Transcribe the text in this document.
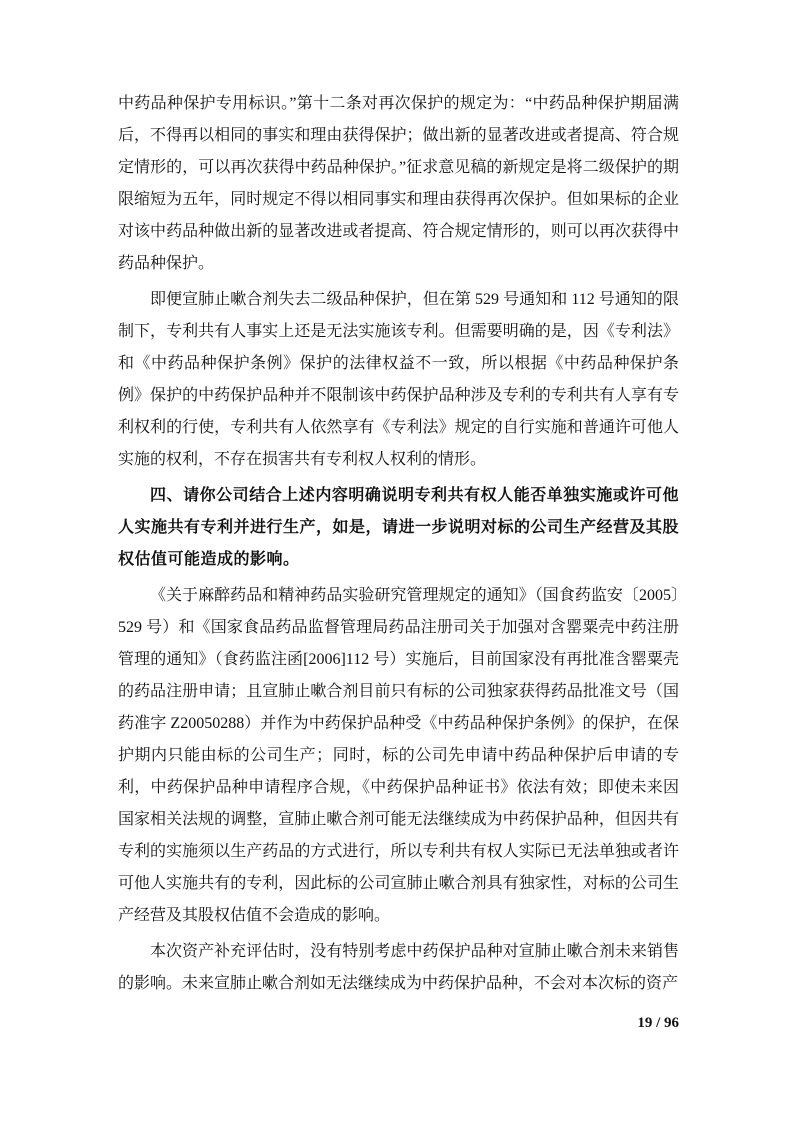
中药品种保护专用标识。”第十二条对再次保护的规定为：“中药品种保护期届满后，不得再以相同的事实和理由获得保护；做出新的显著改进或者提高、符合规定情形的，可以再次获得中药品种保护。”征求意见稿的新规定是将二级保护的期限缩短为五年，同时规定不得以相同事实和理由获得再次保护。但如果标的企业对该中药品种做出新的显著改进或者提高、符合规定情形的，则可以再次获得中药品种保护。

即便宣肺止嗽合剂失去二级品种保护，但在第 529 号通知和 112 号通知的限制下，专利共有人事实上还是无法实施该专利。但需要明确的是，因《专利法》和《中药品种保护条例》保护的法律权益不一致，所以根据《中药品种保护条例》保护的中药保护品种并不限制该中药保护品种涉及专利的专利共有人享有专利权利的行使，专利共有人依然享有《专利法》规定的自行实施和普通许可他人实施的权利，不存在损害共有专利权人权利的情形。

四、请你公司结合上述内容明确说明专利共有权人能否单独实施或许可他人实施共有专利并进行生产，如是，请进一步说明对标的公司生产经营及其股权估值可能造成的影响。

《关于麻醉药品和精神药品实验研究管理规定的通知》（国食药监安〔2005〕529 号）和《国家食品药品监督管理局药品注册司关于加强对含罂粟壳中药注册管理的通知》（食药监注函[2006]112 号）实施后，目前国家没有再批准含罂粟壳的药品注册申请；且宣肺止嗽合剂目前只有标的公司独家获得药品批准文号（国药准字 Z20050288）并作为中药保护品种受《中药品种保护条例》的保护，在保护期内只能由标的公司生产；同时，标的公司先申请中药品种保护后申请的专利，中药保护品种申请程序合规，《中药保护品种证书》依法有效；即使未来因国家相关法规的调整，宣肺止嗽合剂可能无法继续成为中药保护品种，但因共有专利的实施须以生产药品的方式进行，所以专利共有权人实际已无法单独或者许可他人实施共有的专利，因此标的公司宣肺止嗽合剂具有独家性，对标的公司生产经营及其股权估值不会造成的影响。

本次资产补充评估时，没有特别考虑中药保护品种对宣肺止嗽合剂未来销售的影响。未来宣肺止嗽合剂如无法继续成为中药保护品种，不会对本次标的资产

19 / 96
